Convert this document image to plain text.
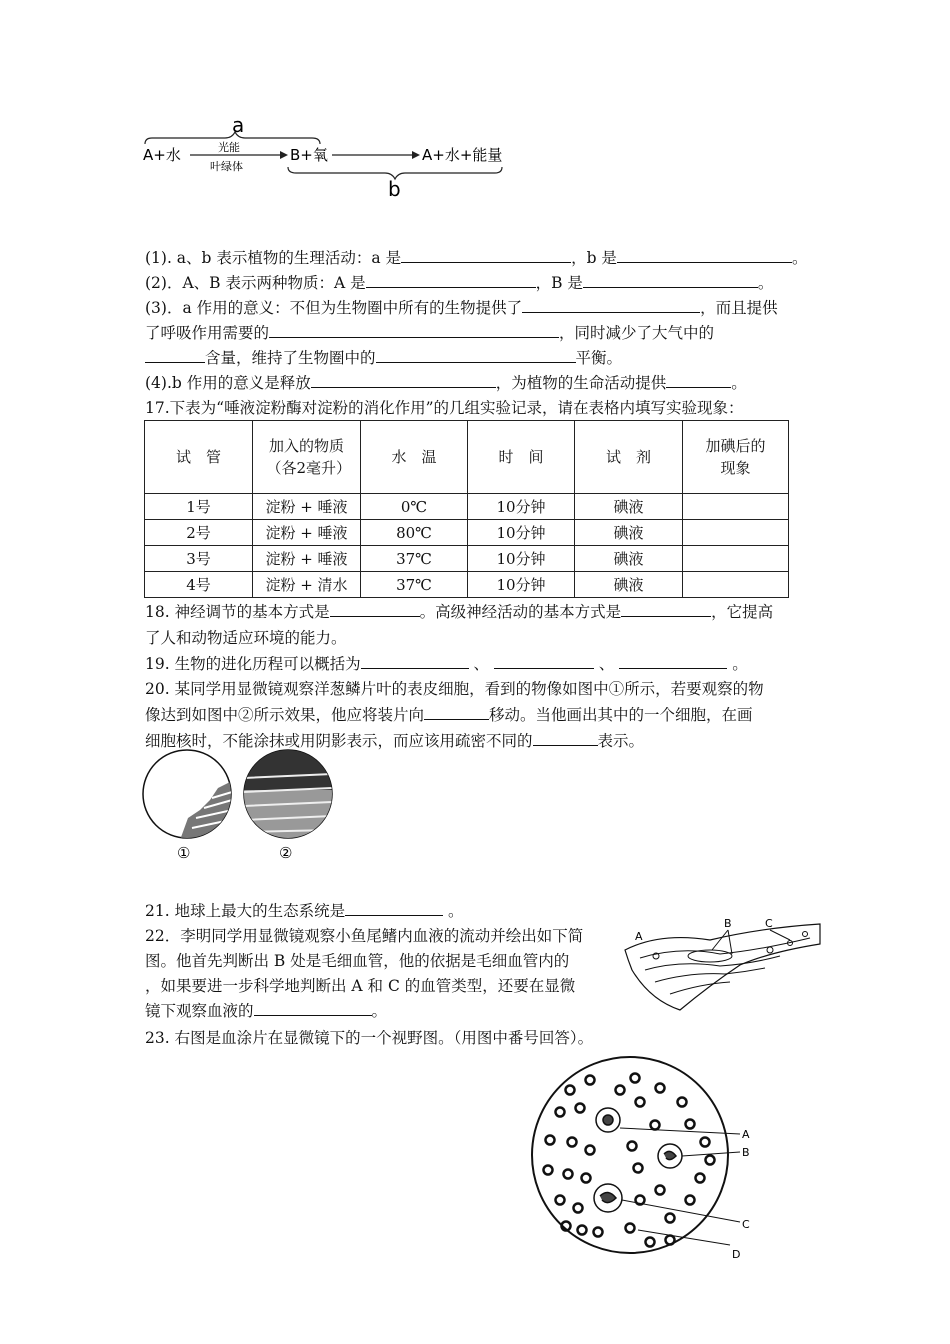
a
A+水	光能
叶绿体
B+氧	A+水+能量
b
(1). a、b 表示植物的生理活动：a 是	，b 是	。
(2)．A、B 表示两种物质：A 是	，B 是	。
(3)．a 作用的意义：不但为生物圈中所有的生物提供了	，而且提供
了呼吸作用需要的	，同时减少了大气中的
含量，维持了生物圈中的	平衡。
(4).b 作用的意义是释放	，为植物的生命活动提供	。
17.下表为“唾液淀粉酶对淀粉的消化作用”的几组实验记录，请在表格内填写实验现象：
试　管	加入的物质（各2毫升）	水　温	时　间	试　剂	加碘后的现象

1号	淀粉 + 唾液	0℃	10分钟	碘液	
2号	淀粉 + 唾液	80℃	10分钟	碘液	
3号	淀粉 + 唾液	37℃	10分钟	碘液	
4号	淀粉 + 清水	37℃	10分钟	碘液	
18. 神经调节的基本方式是	。高级神经活动的基本方式是	，它提高
了人和动物适应环境的能力。
19. 生物的进化历程可以概括为	、	、	。
20. 某同学用显微镜观察洋葱鳞片叶的表皮细胞，看到的物像如图中①所示，若要观察的物
像达到如图中②所示效果，他应将装片向	移动。当他画出其中的一个细胞，在画
细胞核时，不能涂抹或用阴影表示，而应该用疏密不同的	表示。
①	②
21. 地球上最大的生态系统是	。
22．李明同学用显微镜观察小鱼尾鳍内血液的流动并绘出如下简
图。他首先判断出 B 处是毛细血管，他的依据是毛细血管内的
，如果要进一步科学地判断出 A 和 C 的血管类型，还要在显微
镜下观察血液的	。
A
B	C
23. 右图是血涂片在显微镜下的一个视野图。（用图中番号回答）。
A
B
C
D
